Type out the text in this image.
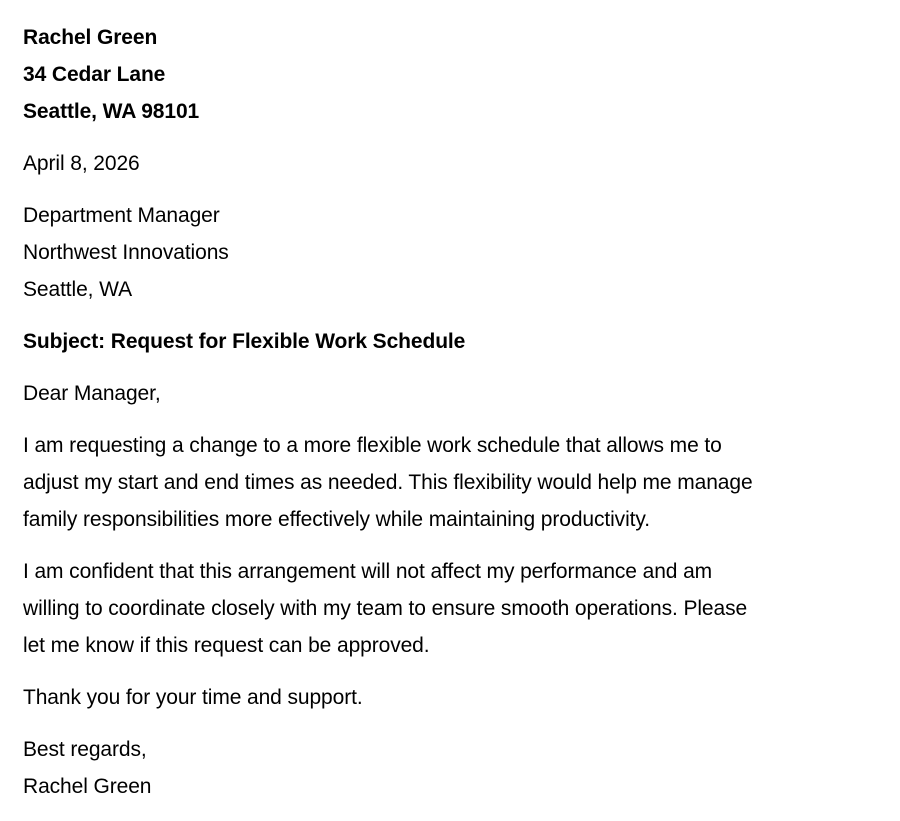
Rachel Green
34 Cedar Lane
Seattle, WA 98101
April 8, 2026
Department Manager
Northwest Innovations
Seattle, WA
Subject: Request for Flexible Work Schedule
Dear Manager,
I am requesting a change to a more flexible work schedule that allows me to
adjust my start and end times as needed. This flexibility would help me manage
family responsibilities more effectively while maintaining productivity.
I am confident that this arrangement will not affect my performance and am
willing to coordinate closely with my team to ensure smooth operations. Please
let me know if this request can be approved.
Thank you for your time and support.
Best regards,
Rachel Green
